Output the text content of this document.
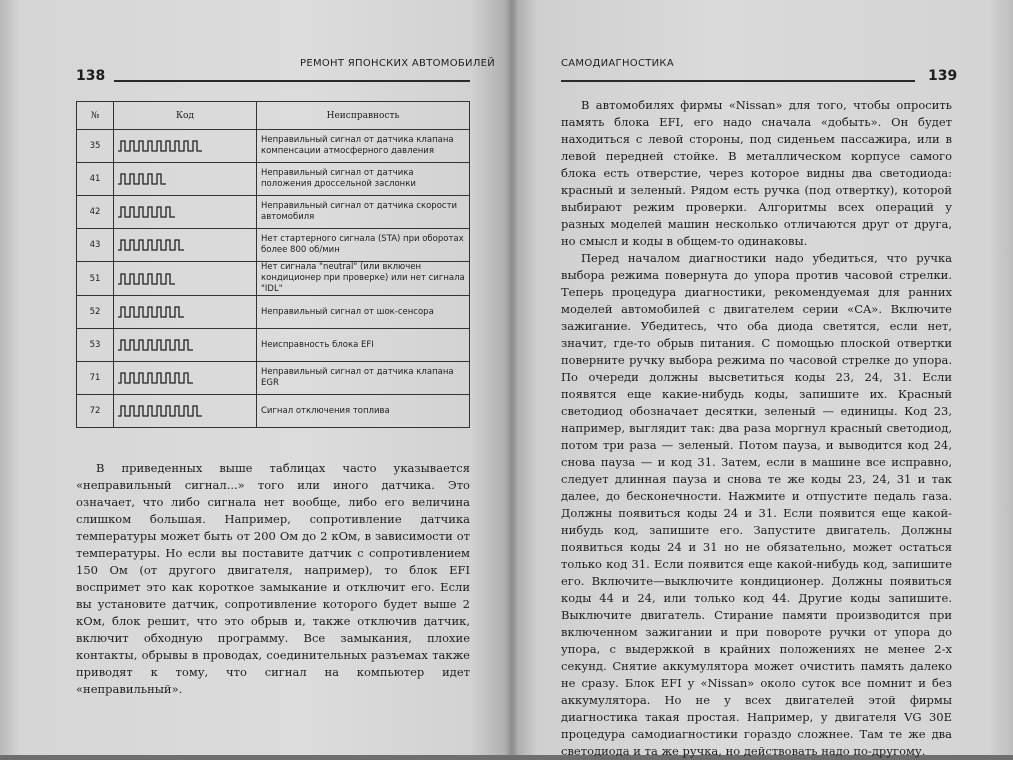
РЕМОНТ ЯПОНСКИХ АВТОМОБИЛЕЙ
138
№	Код	Неисправность
35		Неправильный сигнал от датчика клапана компенсации атмосферного давления
41		Неправильный сигнал от датчика положения дроссельной заслонки
42		Неправильный сигнал от датчика скорости автомобиля
43		Нет стартерного сигнала (STA) при оборотах более 800 об/мин
51		Нет сигнала "neutral" (или включен кондиционер при проверке) или нет сигнала "IDL"
52		Неправильный сигнал от шок-сенсора
53		Неисправность блока EFI
71		Неправильный сигнал от датчика клапана EGR
72		Сигнал отключения топлива

В приведенных выше таблицах часто указывается «неправильный сигнал...» того или иного датчика. Это означает, что либо сигнала нет вообще, либо его величина слишком большая. Например, сопротивление датчика температуры может быть от 200 Ом до 2 кОм, в зависимости от температуры. Но если вы поставите датчик с сопротивлением 150 Ом (от другого двигателя, например), то блок EFI воспримет это как короткое замыкание и отключит его. Если вы установите датчик, сопротивление которого будет выше 2 кОм, блок решит, что это обрыв и, также отключив датчик, включит обходную программу. Все замыкания, плохие контакты, обрывы в проводах, соединительных разъемах также приводят к тому, что сигнал на компьютер идет «неправильный».

САМОДИАГНОСТИКА
139

В автомобилях фирмы «Nissan» для того, чтобы опросить память блока EFI, его надо сначала «добыть». Он будет находиться с левой стороны, под сиденьем пассажира, или в левой передней стойке. В металлическом корпусе самого блока есть отверстие, через которое видны два светодиода: красный и зеленый. Рядом есть ручка (под отвертку), которой выбирают режим проверки. Алгоритмы всех операций у разных моделей машин несколько отличаются друг от друга, но смысл и коды в общем-то одинаковы.

Перед началом диагностики надо убедиться, что ручка выбора режима повернута до упора против часовой стрелки. Теперь процедура диагностики, рекомендуемая для ранних моделей автомобилей с двигателем серии «CA». Включите зажигание. Убедитесь, что оба диода светятся, если нет, значит, где-то обрыв питания. С помощью плоской отвертки поверните ручку выбора режима по часовой стрелке до упора. По очереди должны высветиться коды 23, 24, 31. Если появятся еще какие-нибудь коды, запишите их. Красный светодиод обозначает десятки, зеленый — единицы. Код 23, например, выглядит так: два раза моргнул красный светодиод, потом три раза — зеленый. Потом пауза, и выводится код 24, снова пауза — и код 31. Затем, если в машине все исправно, следует длинная пауза и снова те же коды 23, 24, 31 и так далее, до бесконечности. Нажмите и отпустите педаль газа. Должны появиться коды 24 и 31. Если появится еще какой-нибудь код, запишите его. Запустите двигатель. Должны появиться коды 24 и 31 но не обязательно, может остаться только код 31. Если появится еще какой-нибудь код, запишите его. Включите—выключите кондиционер. Должны появиться коды 44 и 24, или только код 44. Другие коды запишите. Выключите двигатель. Стирание памяти производится при включенном зажигании и при повороте ручки от упора до упора, с выдержкой в крайних положениях не менее 2-х секунд. Снятие аккумулятора может очистить память далеко не сразу. Блок EFI у «Nissan» около суток все помнит и без аккумулятора. Но не у всех двигателей этой фирмы диагностика такая простая. Например, у двигателя VG 30E процедура самодиагностики гораздо сложнее. Там те же два светодиода и та же ручка, но действовать надо по-другому.
